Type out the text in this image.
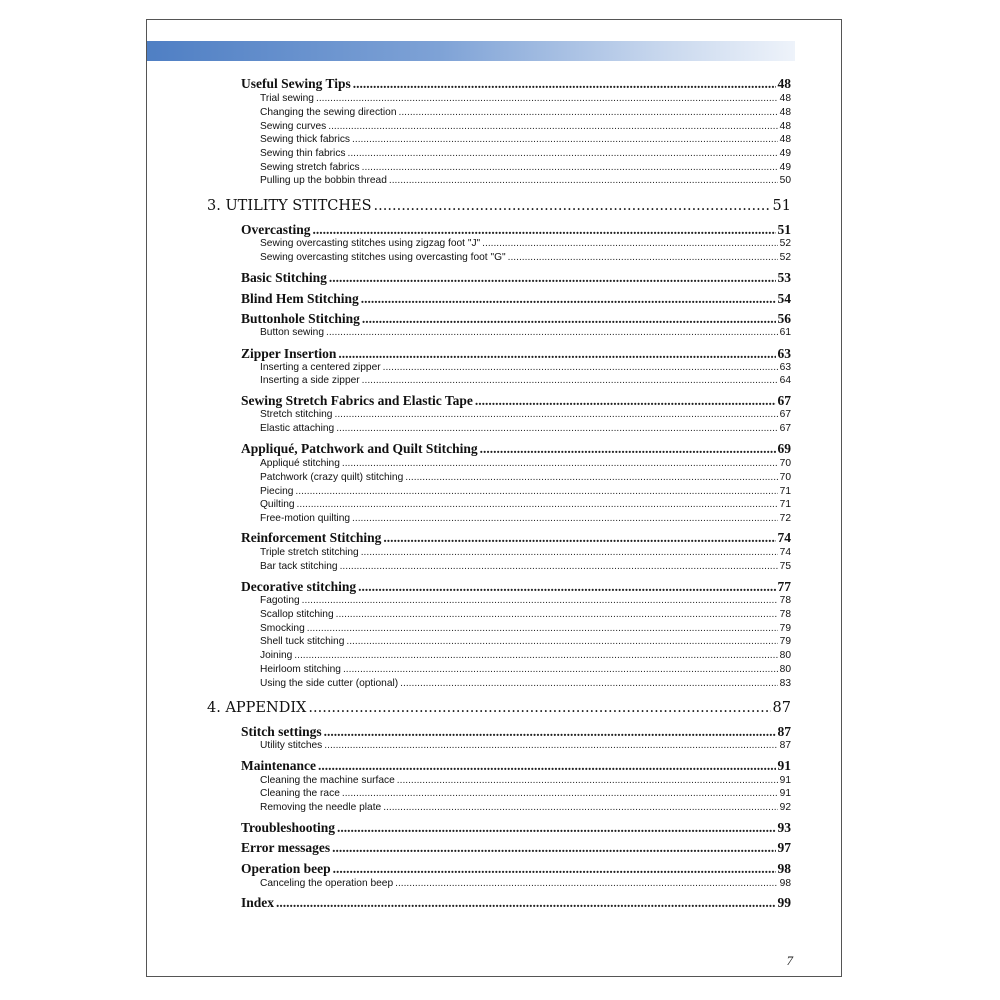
Useful Sewing Tips .....	48
Trial sewing .....	48
Changing the sewing direction .....	48
Sewing curves .....	48
Sewing thick fabrics .....	48
Sewing thin fabrics .....	49
Sewing stretch fabrics .....	49
Pulling up the bobbin thread .....	50
3. UTILITY STITCHES .....	51
Overcasting .....	51
Sewing overcasting stitches using zigzag foot "J" .....	52
Sewing overcasting stitches using overcasting foot "G" .....	52
Basic Stitching .....	53
Blind Hem Stitching .....	54
Buttonhole Stitching .....	56
Button sewing .....	61
Zipper Insertion .....	63
Inserting a centered zipper .....	63
Inserting a side zipper .....	64
Sewing Stretch Fabrics and Elastic Tape .....	67
Stretch stitching .....	67
Elastic attaching .....	67
Appliqué, Patchwork and Quilt Stitching .....	69
Appliqué stitching .....	70
Patchwork (crazy quilt) stitching .....	70
Piecing .....	71
Quilting .....	71
Free-motion quilting .....	72
Reinforcement Stitching .....	74
Triple stretch stitching .....	74
Bar tack stitching .....	75
Decorative stitching .....	77
Fagoting .....	78
Scallop stitching .....	78
Smocking .....	79
Shell tuck stitching .....	79
Joining .....	80
Heirloom stitching .....	80
Using the side cutter (optional) .....	83
4. APPENDIX .....	87
Stitch settings .....	87
Utility stitches .....	87
Maintenance .....	91
Cleaning the machine surface .....	91
Cleaning the race .....	91
Removing the needle plate .....	92
Troubleshooting .....	93
Error messages .....	97
Operation beep .....	98
Canceling the operation beep .....	98
Index .....	99
7
